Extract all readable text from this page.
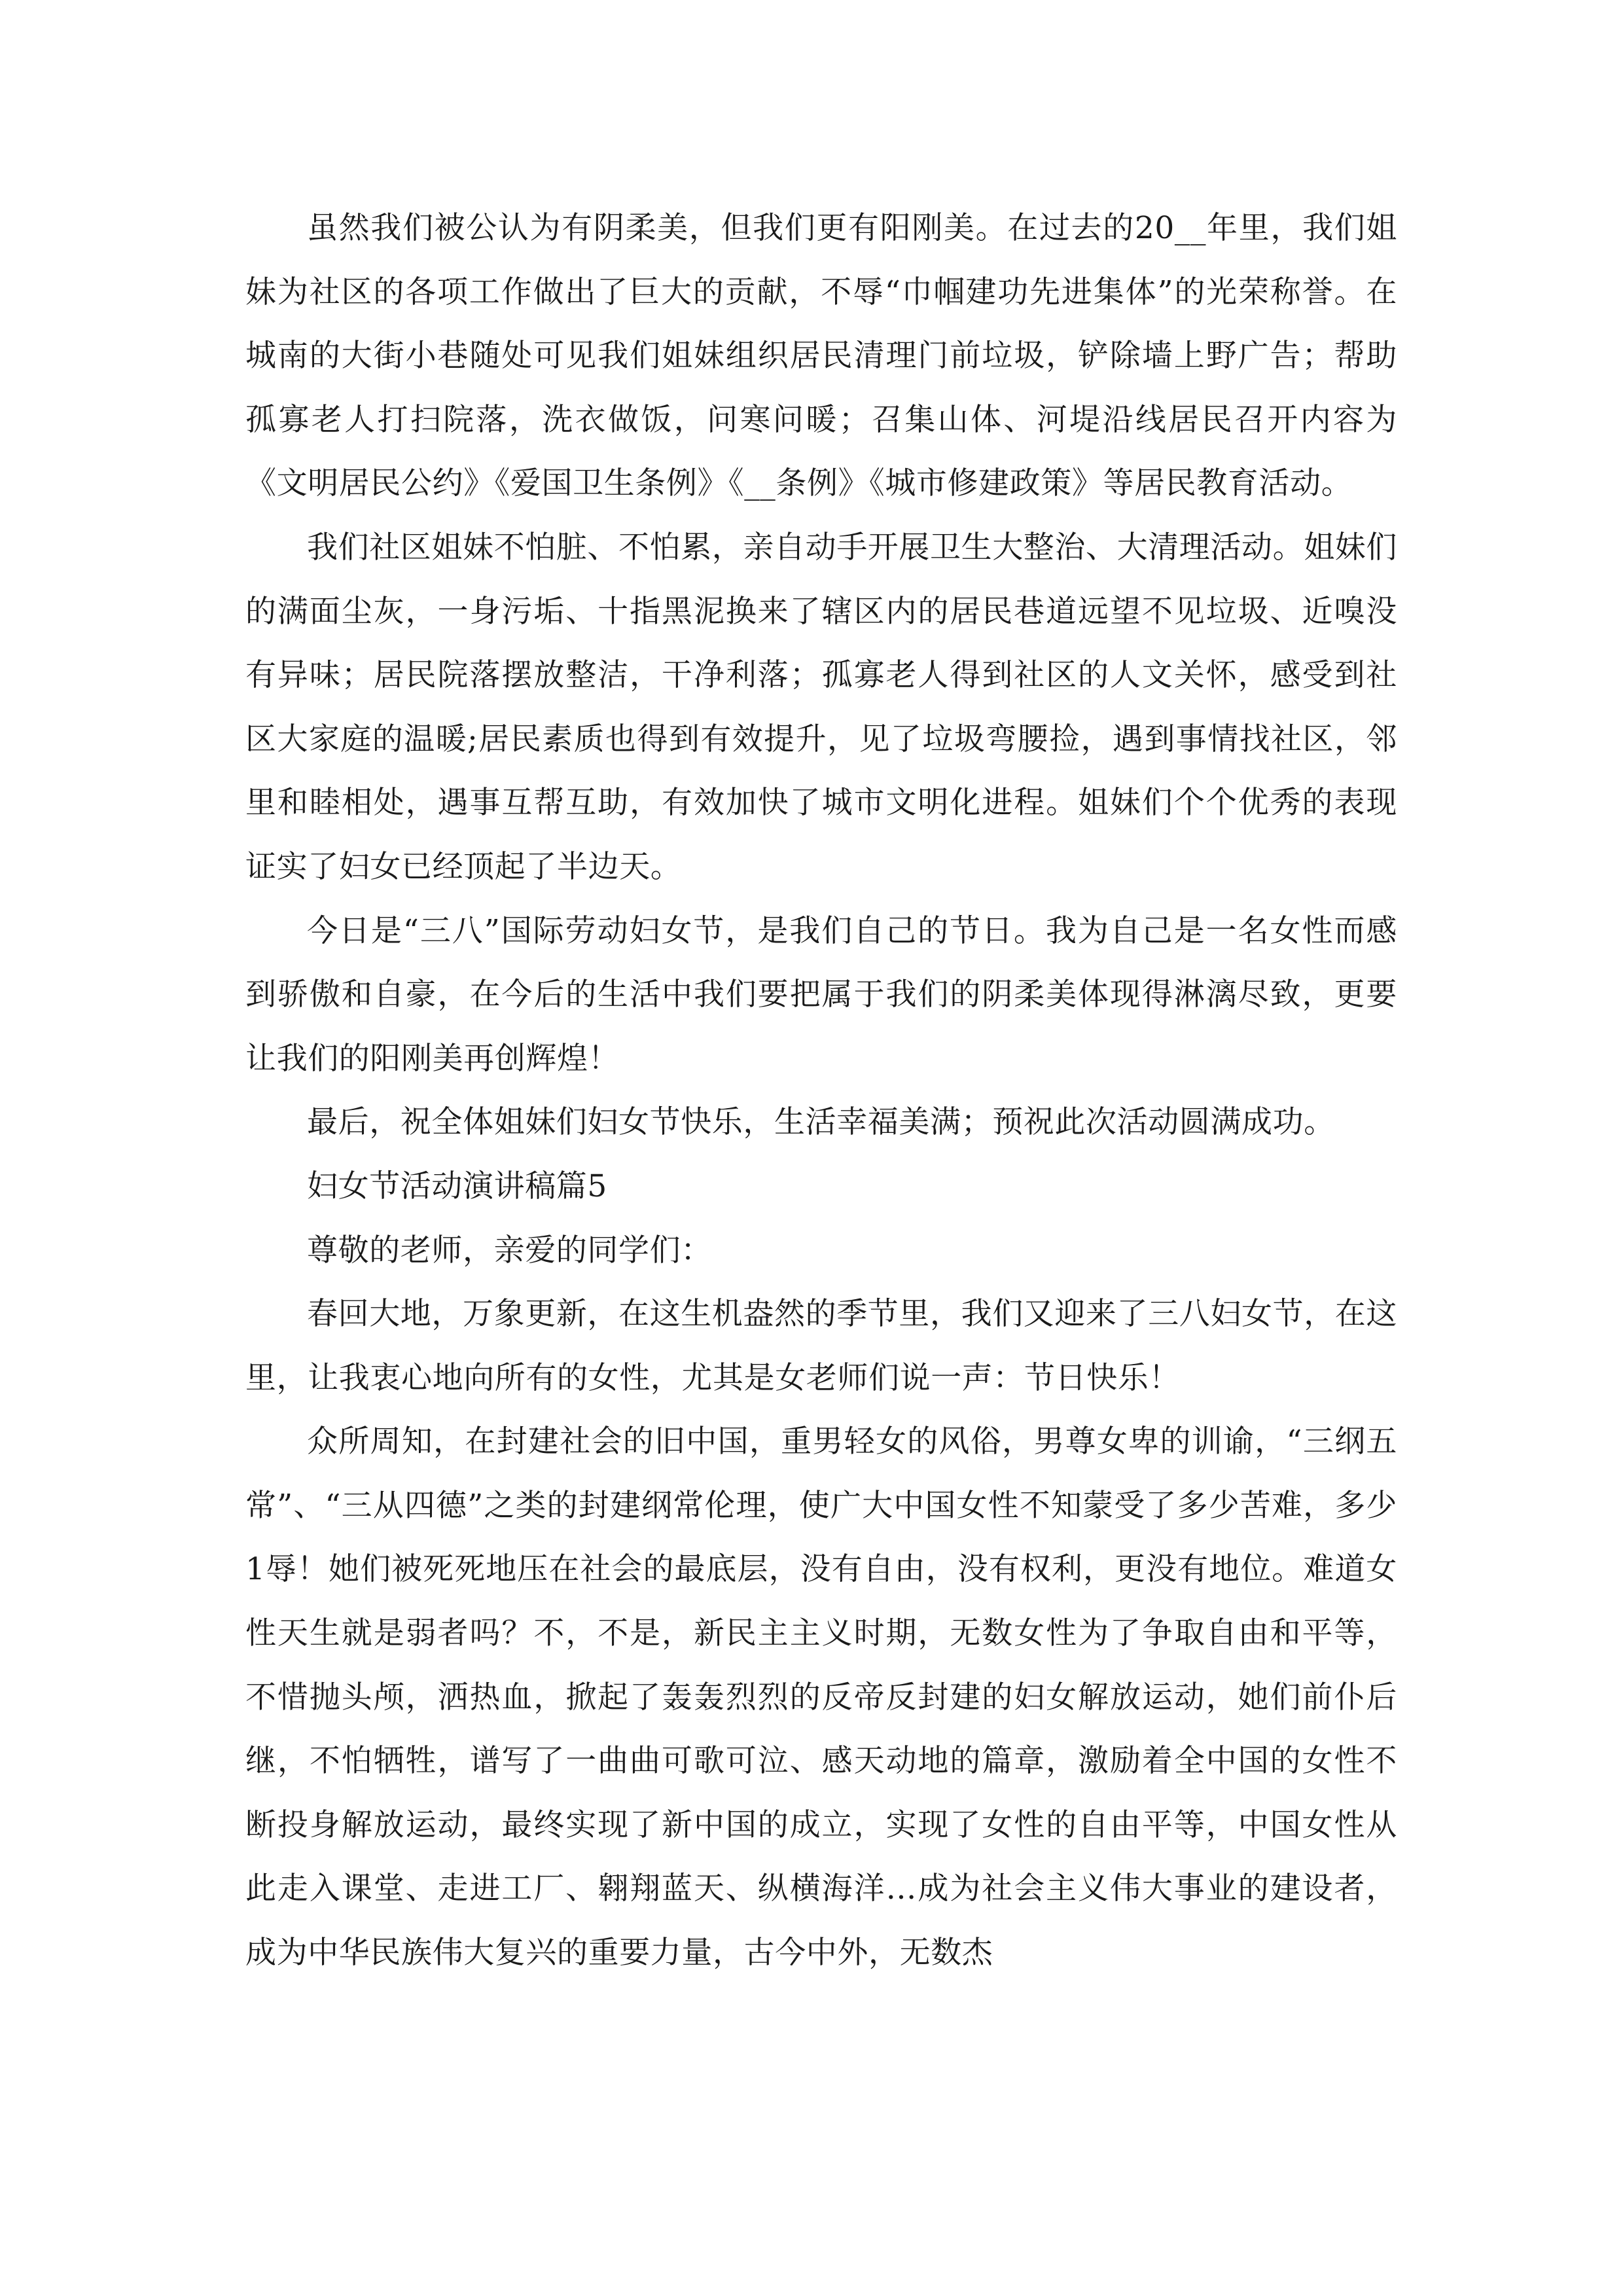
虽然我们被公认为有阴柔美，但我们更有阳刚美。在过去的20__年里，我们姐妹为社区的各项工作做出了巨大的贡献，不辱“巾帼建功先进集体”的光荣称誉。在城南的大街小巷随处可见我们姐妹组织居民清理门前垃圾，铲除墙上野广告；帮助孤寡老人打扫院落，洗衣做饭，问寒问暖；召集山体、河堤沿线居民召开内容为《文明居民公约》《爱国卫生条例》《__条例》《城市修建政策》等居民教育活动。

我们社区姐妹不怕脏、不怕累，亲自动手开展卫生大整治、大清理活动。姐妹们的满面尘灰，一身污垢、十指黑泥换来了辖区内的居民巷道远望不见垃圾、近嗅没有异味；居民院落摆放整洁，干净利落；孤寡老人得到社区的人文关怀，感受到社区大家庭的温暖;居民素质也得到有效提升，见了垃圾弯腰捡，遇到事情找社区，邻里和睦相处，遇事互帮互助，有效加快了城市文明化进程。姐妹们个个优秀的表现证实了妇女已经顶起了半边天。

今日是“三八”国际劳动妇女节，是我们自己的节日。我为自己是一名女性而感到骄傲和自豪，在今后的生活中我们要把属于我们的阴柔美体现得淋漓尽致，更要让我们的阳刚美再创辉煌！

最后，祝全体姐妹们妇女节快乐，生活幸福美满；预祝此次活动圆满成功。

妇女节活动演讲稿篇5

尊敬的老师，亲爱的同学们：

春回大地，万象更新，在这生机盎然的季节里，我们又迎来了三八妇女节，在这里，让我衷心地向所有的女性，尤其是女老师们说一声：节日快乐！

众所周知，在封建社会的旧中国，重男轻女的风俗，男尊女卑的训谕，“三纲五常”、“三从四德”之类的封建纲常伦理，使广大中国女性不知蒙受了多少苦难，多少1辱！她们被死死地压在社会的最底层，没有自由，没有权利，更没有地位。难道女性天生就是弱者吗？不，不是，新民主主义时期，无数女性为了争取自由和平等，不惜抛头颅，洒热血，掀起了轰轰烈烈的反帝反封建的妇女解放运动，她们前仆后继，不怕牺牲，谱写了一曲曲可歌可泣、感天动地的篇章，激励着全中国的女性不断投身解放运动，最终实现了新中国的成立，实现了女性的自由平等，中国女性从此走入课堂、走进工厂、翱翔蓝天、纵横海洋…成为社会主义伟大事业的建设者，成为中华民族伟大复兴的重要力量，古今中外，无数杰
